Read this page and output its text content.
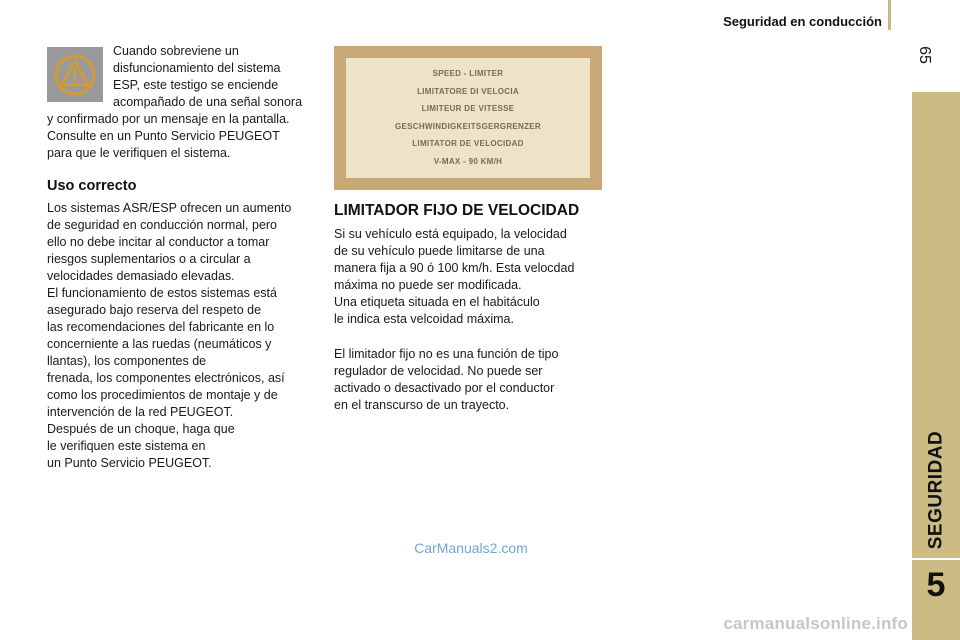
Seguridad en conducción
65
SEGURIDAD
5

Cuando sobreviene un
disfuncionamiento del sistema
ESP, este testigo se enciende
acompañado de una señal sonora

y confirmado por un mensaje en la pantalla.
Consulte en un Punto Servicio PEUGEOT
para que le verifiquen el sistema.

Uso correcto

Los sistemas ASR/ESP ofrecen un aumento
de seguridad en conducción normal, pero
ello no debe incitar al conductor a tomar
riesgos suplementarios o a circular a
velocidades demasiado elevadas.
El funcionamiento de estos sistemas está
asegurado bajo reserva del respeto de
las recomendaciones del fabricante en lo
concerniente a las ruedas (neumáticos y
llantas), los componentes de
frenada, los componentes electrónicos, así
como los procedimientos de montaje y de
intervención de la red PEUGEOT.
Después de un choque, haga que
le verifiquen este sistema en
un Punto Servicio PEUGEOT.

SPEED - LIMITER
LIMITATORE DI VELOCIA
LIMITEUR DE VITESSE
GESCHWINDIGKEITSGERGRENZER
LIMITATOR DE VELOCIDAD
V-MAX - 90 KM/H
LIMITADOR FIJO DE VELOCIDAD

Si su vehículo está equipado, la velocidad
de su vehículo puede limitarse de una
manera fija a 90 ó 100 km/h. Esta velocdad
máxima no puede ser modificada.
Una etiqueta situada en el habitáculo
le indica esta velcoidad máxima.

El limitador fijo no es una función de tipo
regulador de velocidad. No puede ser
activado o desactivado por el conductor
en el transcurso de un trayecto.

CarManuals2.com
carmanualsonline.info
